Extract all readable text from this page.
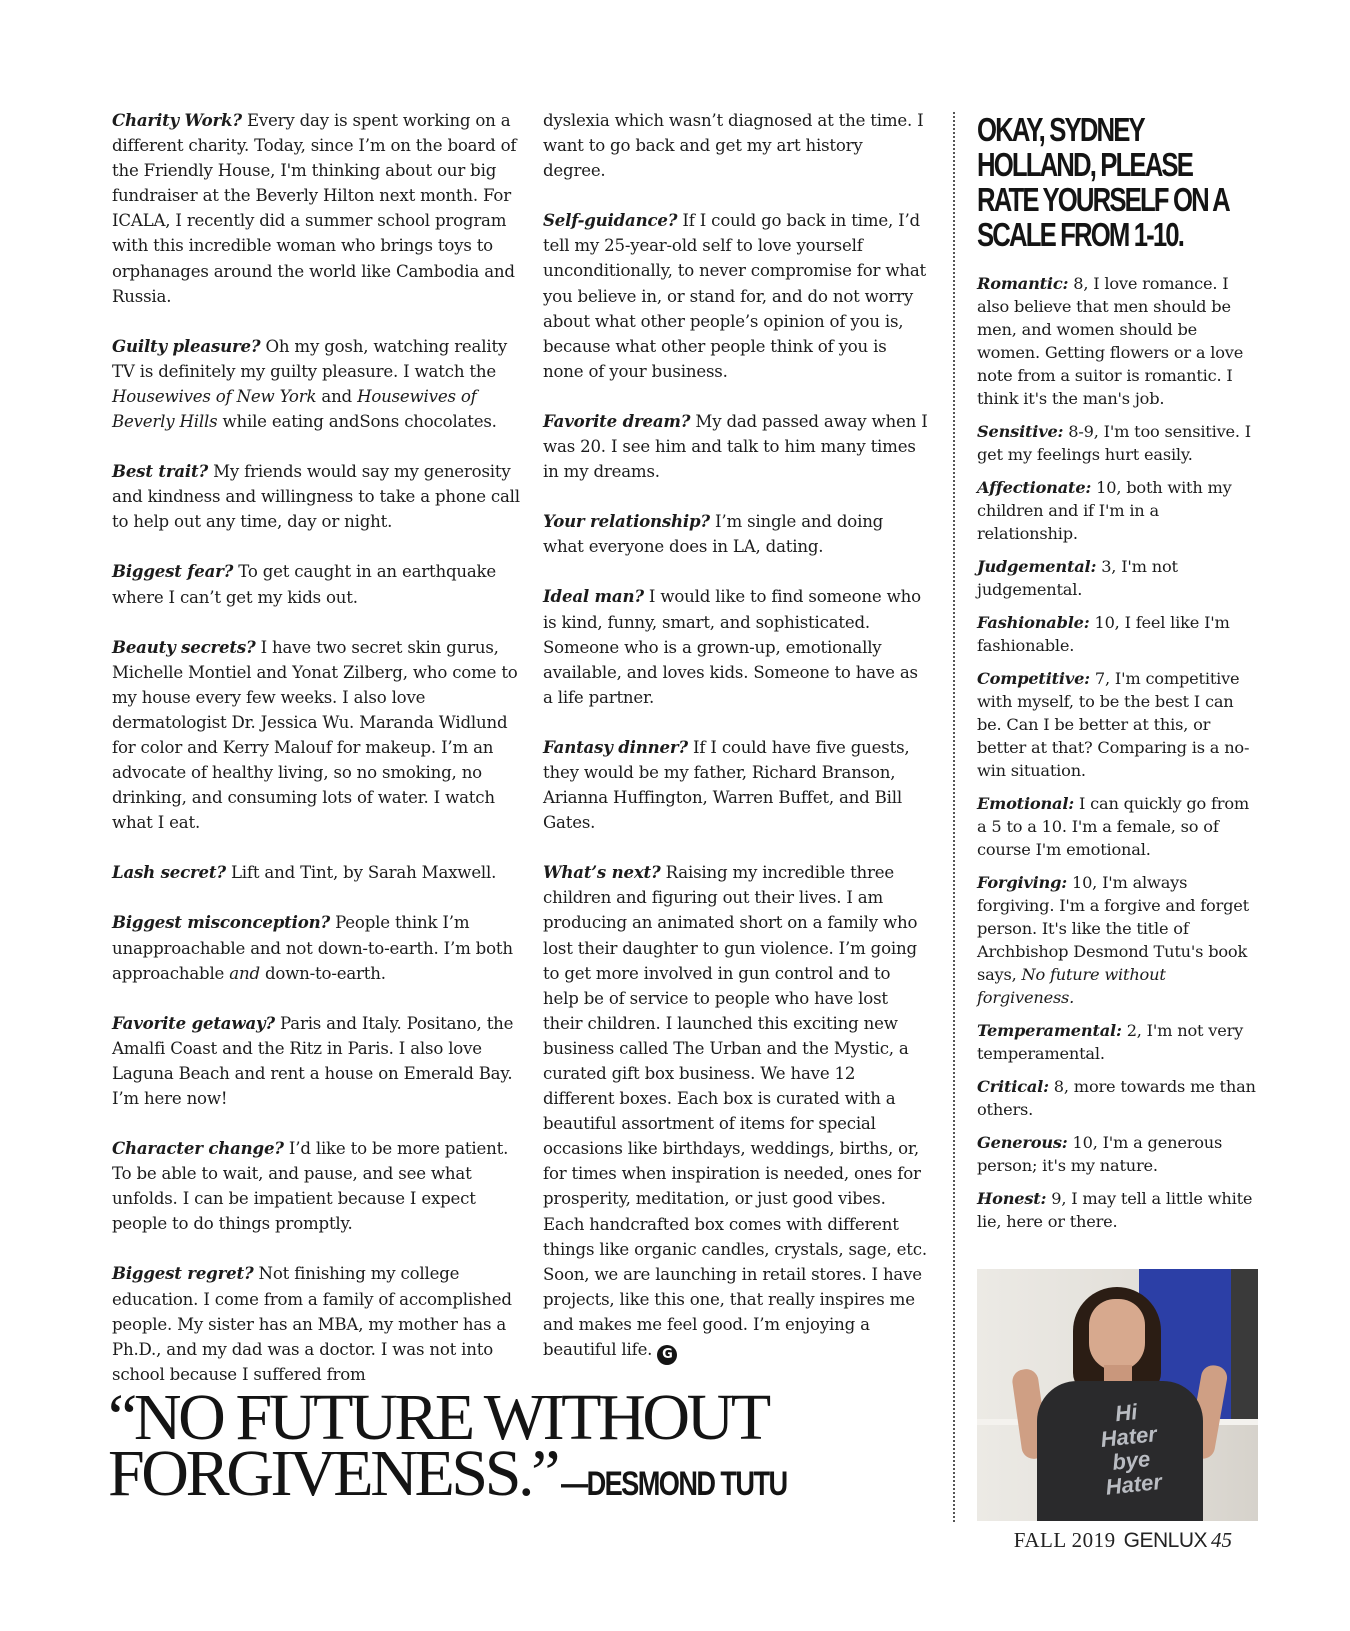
Charity Work? Every day is spent working on a different charity. Today, since I’m on the board of the Friendly House, I'm thinking about our big fundraiser at the Beverly Hilton next month. For ICALA, I recently did a summer school program with this incredible woman who brings toys to orphanages around the world like Cambodia and Russia.

Guilty pleasure? Oh my gosh, watching reality TV is definitely my guilty pleasure. I watch the Housewives of New York and Housewives of Beverly Hills while eating andSons chocolates.

Best trait? My friends would say my generosity and kindness and willingness to take a phone call to help out any time, day or night.

Biggest fear? To get caught in an earthquake where I can’t get my kids out.

Beauty secrets? I have two secret skin gurus, Michelle Montiel and Yonat Zilberg, who come to my house every few weeks. I also love dermatologist Dr. Jessica Wu. Maranda Widlund for color and Kerry Malouf for makeup. I’m an advocate of healthy living, so no smoking, no drinking, and consuming lots of water. I watch what I eat.

Lash secret? Lift and Tint, by Sarah Maxwell.

Biggest misconception? People think I’m unapproachable and not down-to-earth. I’m both approachable and down-to-earth.

Favorite getaway? Paris and Italy. Positano, the Amalfi Coast and the Ritz in Paris. I also love Laguna Beach and rent a house on Emerald Bay. I’m here now!

Character change? I’d like to be more patient. To be able to wait, and pause, and see what unfolds. I can be impatient because I expect people to do things promptly.

Biggest regret? Not finishing my college education. I come from a family of accomplished people. My sister has an MBA, my mother has a Ph.D., and my dad was a doctor. I was not into school because I suffered from

dyslexia which wasn’t diagnosed at the time. I want to go back and get my art history degree.

Self-guidance? If I could go back in time, I’d tell my 25-year-old self to love yourself unconditionally, to never compromise for what you believe in, or stand for, and do not worry about what other people’s opinion of you is, because what other people think of you is none of your business.

Favorite dream? My dad passed away when I was 20. I see him and talk to him many times in my dreams.

Your relationship? I’m single and doing what everyone does in LA, dating.

Ideal man? I would like to find someone who is kind, funny, smart, and sophisticated. Someone who is a grown-up, emotionally available, and loves kids. Someone to have as a life partner.

Fantasy dinner? If I could have five guests, they would be my father, Richard Branson, Arianna Huffington, Warren Buffet, and Bill Gates.

What’s next? Raising my incredible three children and figuring out their lives. I am producing an animated short on a family who lost their daughter to gun violence. I’m going to get more involved in gun control and to help be of service to people who have lost their children. I launched this exciting new business called The Urban and the Mystic, a curated gift box business. We have 12 different boxes. Each box is curated with a beautiful assortment of items for special occasions like birthdays, weddings, births, or, for times when inspiration is needed, ones for prosperity, meditation, or just good vibes. Each handcrafted box comes with different things like organic candles, crystals, sage, etc. Soon, we are launching in retail stores. I have projects, like this one, that really inspires me and makes me feel good. I’m enjoying a beautiful life. G

OKAY, SYDNEY HOLLAND, PLEASE RATE YOURSELF ON A SCALE FROM 1-10.

Romantic: 8, I love romance. I also believe that men should be men, and women should be women. Getting flowers or a love note from a suitor is romantic. I think it's the man's job.

Sensitive: 8-9, I'm too sensitive. I get my feelings hurt easily.

Affectionate: 10, both with my children and if I'm in a relationship.

Judgemental: 3, I'm not judgemental.

Fashionable: 10, I feel like I'm fashionable.

Competitive: 7, I'm competitive with myself, to be the best I can be. Can I be better at this, or better at that? Comparing is a no-win situation.

Emotional: I can quickly go from a 5 to a 10. I'm a female, so of course I'm emotional.

Forgiving: 10, I'm always forgiving. I'm a forgive and forget person. It's like the title of Archbishop Desmond Tutu's book says, No future without forgiveness.

Temperamental: 2, I'm not very temperamental.

Critical: 8, more towards me than others.

Generous: 10, I'm a generous person; it's my nature.

Honest: 9, I may tell a little white lie, here or there.

Hi
Hater
bye
Hater
“NO FUTURE WITHOUT
FORGIVENESS.” —DESMOND TUTU
FALL 2019 GENLUX 45
